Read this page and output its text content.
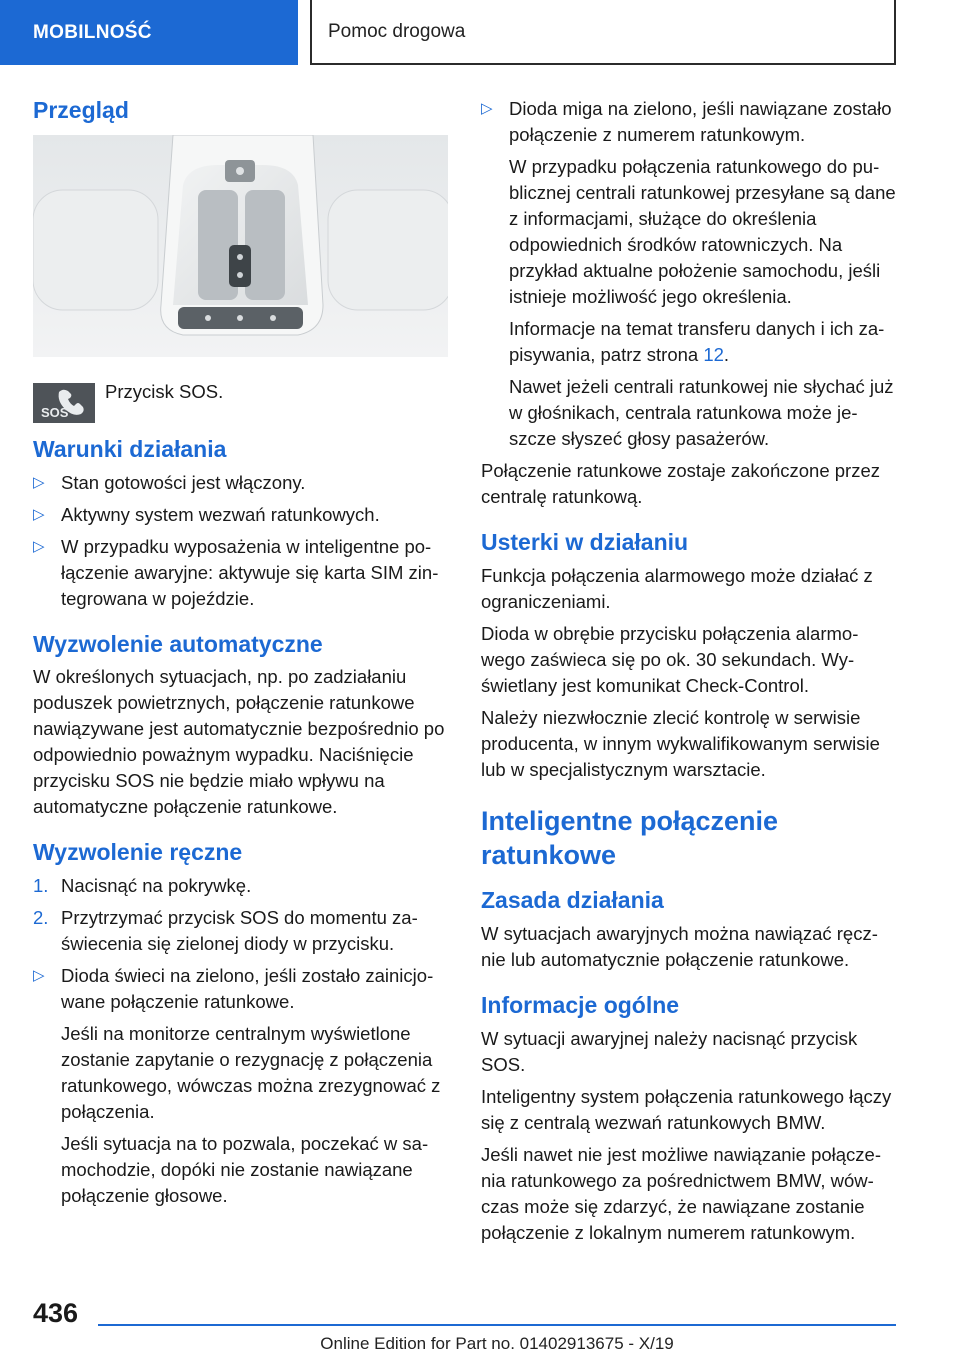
MOBILNOŚĆ	Pomoc drogowa
Przegląd
SOS
Przycisk SOS.
Warunki działania
▷ Stan gotowości jest włączony.
▷ Aktywny system wezwań ratunkowych.
▷ W przypadku wyposażenia w inteligentne połączenie awaryjne: aktywuje się karta SIM zintegrowana w pojeździe.
Wyzwolenie automatyczne

W określonych sytuacjach, np. po zadziałaniu poduszek powietrznych, połączenie ratunkowe nawiązywane jest automatycznie bezpośrednio po odpowiednio poważnym wypadku. Naciśnięcie przycisku SOS nie będzie miało wpływu na automatyczne połączenie ratunkowe.

Wyzwolenie ręczne
1. Nacisnąć na pokrywkę.
2. Przytrzymać przycisk SOS do momentu zaświecenia się zielonej diody w przycisku.
▷ Dioda świeci na zielono, jeśli zostało zainicjowane połączenie ratunkowe.

Jeśli na monitorze centralnym wyświetlone zostanie zapytanie o rezygnację z połączenia ratunkowego, wówczas można zrezygnować z połączenia.

Jeśli sytuacja na to pozwala, poczekać w samochodzie, dopóki nie zostanie nawiązane połączenie głosowe.

▷ Dioda miga na zielono, jeśli nawiązane zostało połączenie z numerem ratunkowym.

W przypadku połączenia ratunkowego do publicznej centrali ratunkowej przesyłane są dane z informacjami, służące do określenia odpowiednich środków ratowniczych. Na przykład aktualne położenie samochodu, jeśli istnieje możliwość jego określenia.

Informacje na temat transferu danych i ich zapisywania, patrz strona 12.

Nawet jeżeli centrali ratunkowej nie słychać już w głośnikach, centrala ratunkowa może jeszcze słyszeć głosy pasażerów.

Połączenie ratunkowe zostaje zakończone przez centralę ratunkową.

Usterki w działaniu

Funkcja połączenia alarmowego może działać z ograniczeniami.

Dioda w obrębie przycisku połączenia alarmowego zaświeca się po ok. 30 sekundach. Wyświetlany jest komunikat Check-Control.

Należy niezwłocznie zlecić kontrolę w serwisie producenta, w innym wykwalifikowanym serwisie lub w specjalistycznym warsztacie.

Inteligentne połączenie ratunkowe
Zasada działania

W sytuacjach awaryjnych można nawiązać ręcznie lub automatycznie połączenie ratunkowe.

Informacje ogólne

W sytuacji awaryjnej należy nacisnąć przycisk SOS.

Inteligentny system połączenia ratunkowego łączy się z centralą wezwań ratunkowych BMW.

Jeśli nawet nie jest możliwe nawiązanie połączenia ratunkowego za pośrednictwem BMW, wówczas może się zdarzyć, że nawiązane zostanie połączenie z lokalnym numerem ratunkowym.

436
Online Edition for Part no. 01402913675 - X/19
